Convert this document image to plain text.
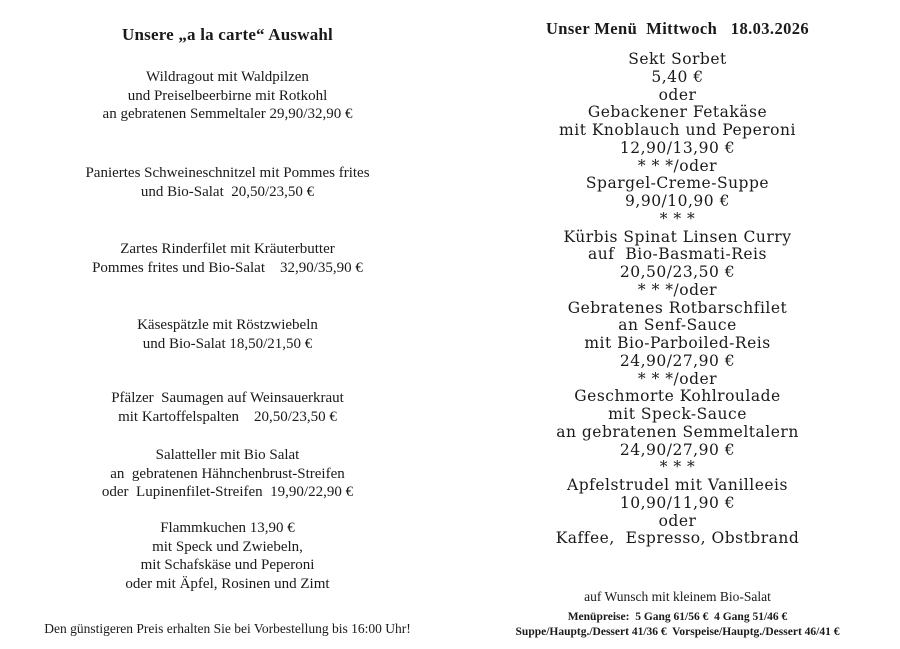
Unsere „a la carte“ Auswahl
Wildragout mit Waldpilzen
und Preiselbeerbirne mit Rotkohl
an gebratenen Semmeltaler 29,90/32,90 €
Paniertes Schweineschnitzel mit Pommes frites
und Bio-Salat  20,50/23,50 €
Zartes Rinderfilet mit Kräuterbutter
Pommes frites und Bio-Salat    32,90/35,90 €
Käsespätzle mit Röstzwiebeln
und Bio-Salat 18,50/21,50 €
Pfälzer  Saumagen auf Weinsauerkraut
mit Kartoffelspalten    20,50/23,50 €
Salatteller mit Bio Salat
an  gebratenen Hähnchenbrust-Streifen
oder  Lupinenfilet-Streifen  19,90/22,90 €
Flammkuchen 13,90 €
mit Speck und Zwiebeln,
mit Schafskäse und Peperoni
oder mit Äpfel, Rosinen und Zimt
Den günstigeren Preis erhalten Sie bei Vorbestellung bis 16:00 Uhr!
Unser Menü  Mittwoch   18.03.2026
Sekt Sorbet
5,40 €
oder
Gebackener Fetakäse
mit Knoblauch und Peperoni
12,90/13,90 €
* * */oder
Spargel-Creme-Suppe
9,90/10,90 €
* * *
Kürbis Spinat Linsen Curry
auf  Bio-Basmati-Reis
20,50/23,50 €
* * */oder
Gebratenes Rotbarschfilet
an Senf-Sauce
mit Bio-Parboiled-Reis
24,90/27,90 €
* * */oder
Geschmorte Kohlroulade
mit Speck-Sauce
an gebratenen Semmeltalern
24,90/27,90 €
* * *
Apfelstrudel mit Vanilleeis
10,90/11,90 €
oder
Kaffee,  Espresso, Obstbrand
auf Wunsch mit kleinem Bio-Salat
Menüpreise:  5 Gang 61/56 €  4 Gang 51/46 €
Suppe/Hauptg./Dessert 41/36 €  Vorspeise/Hauptg./Dessert 46/41 €
